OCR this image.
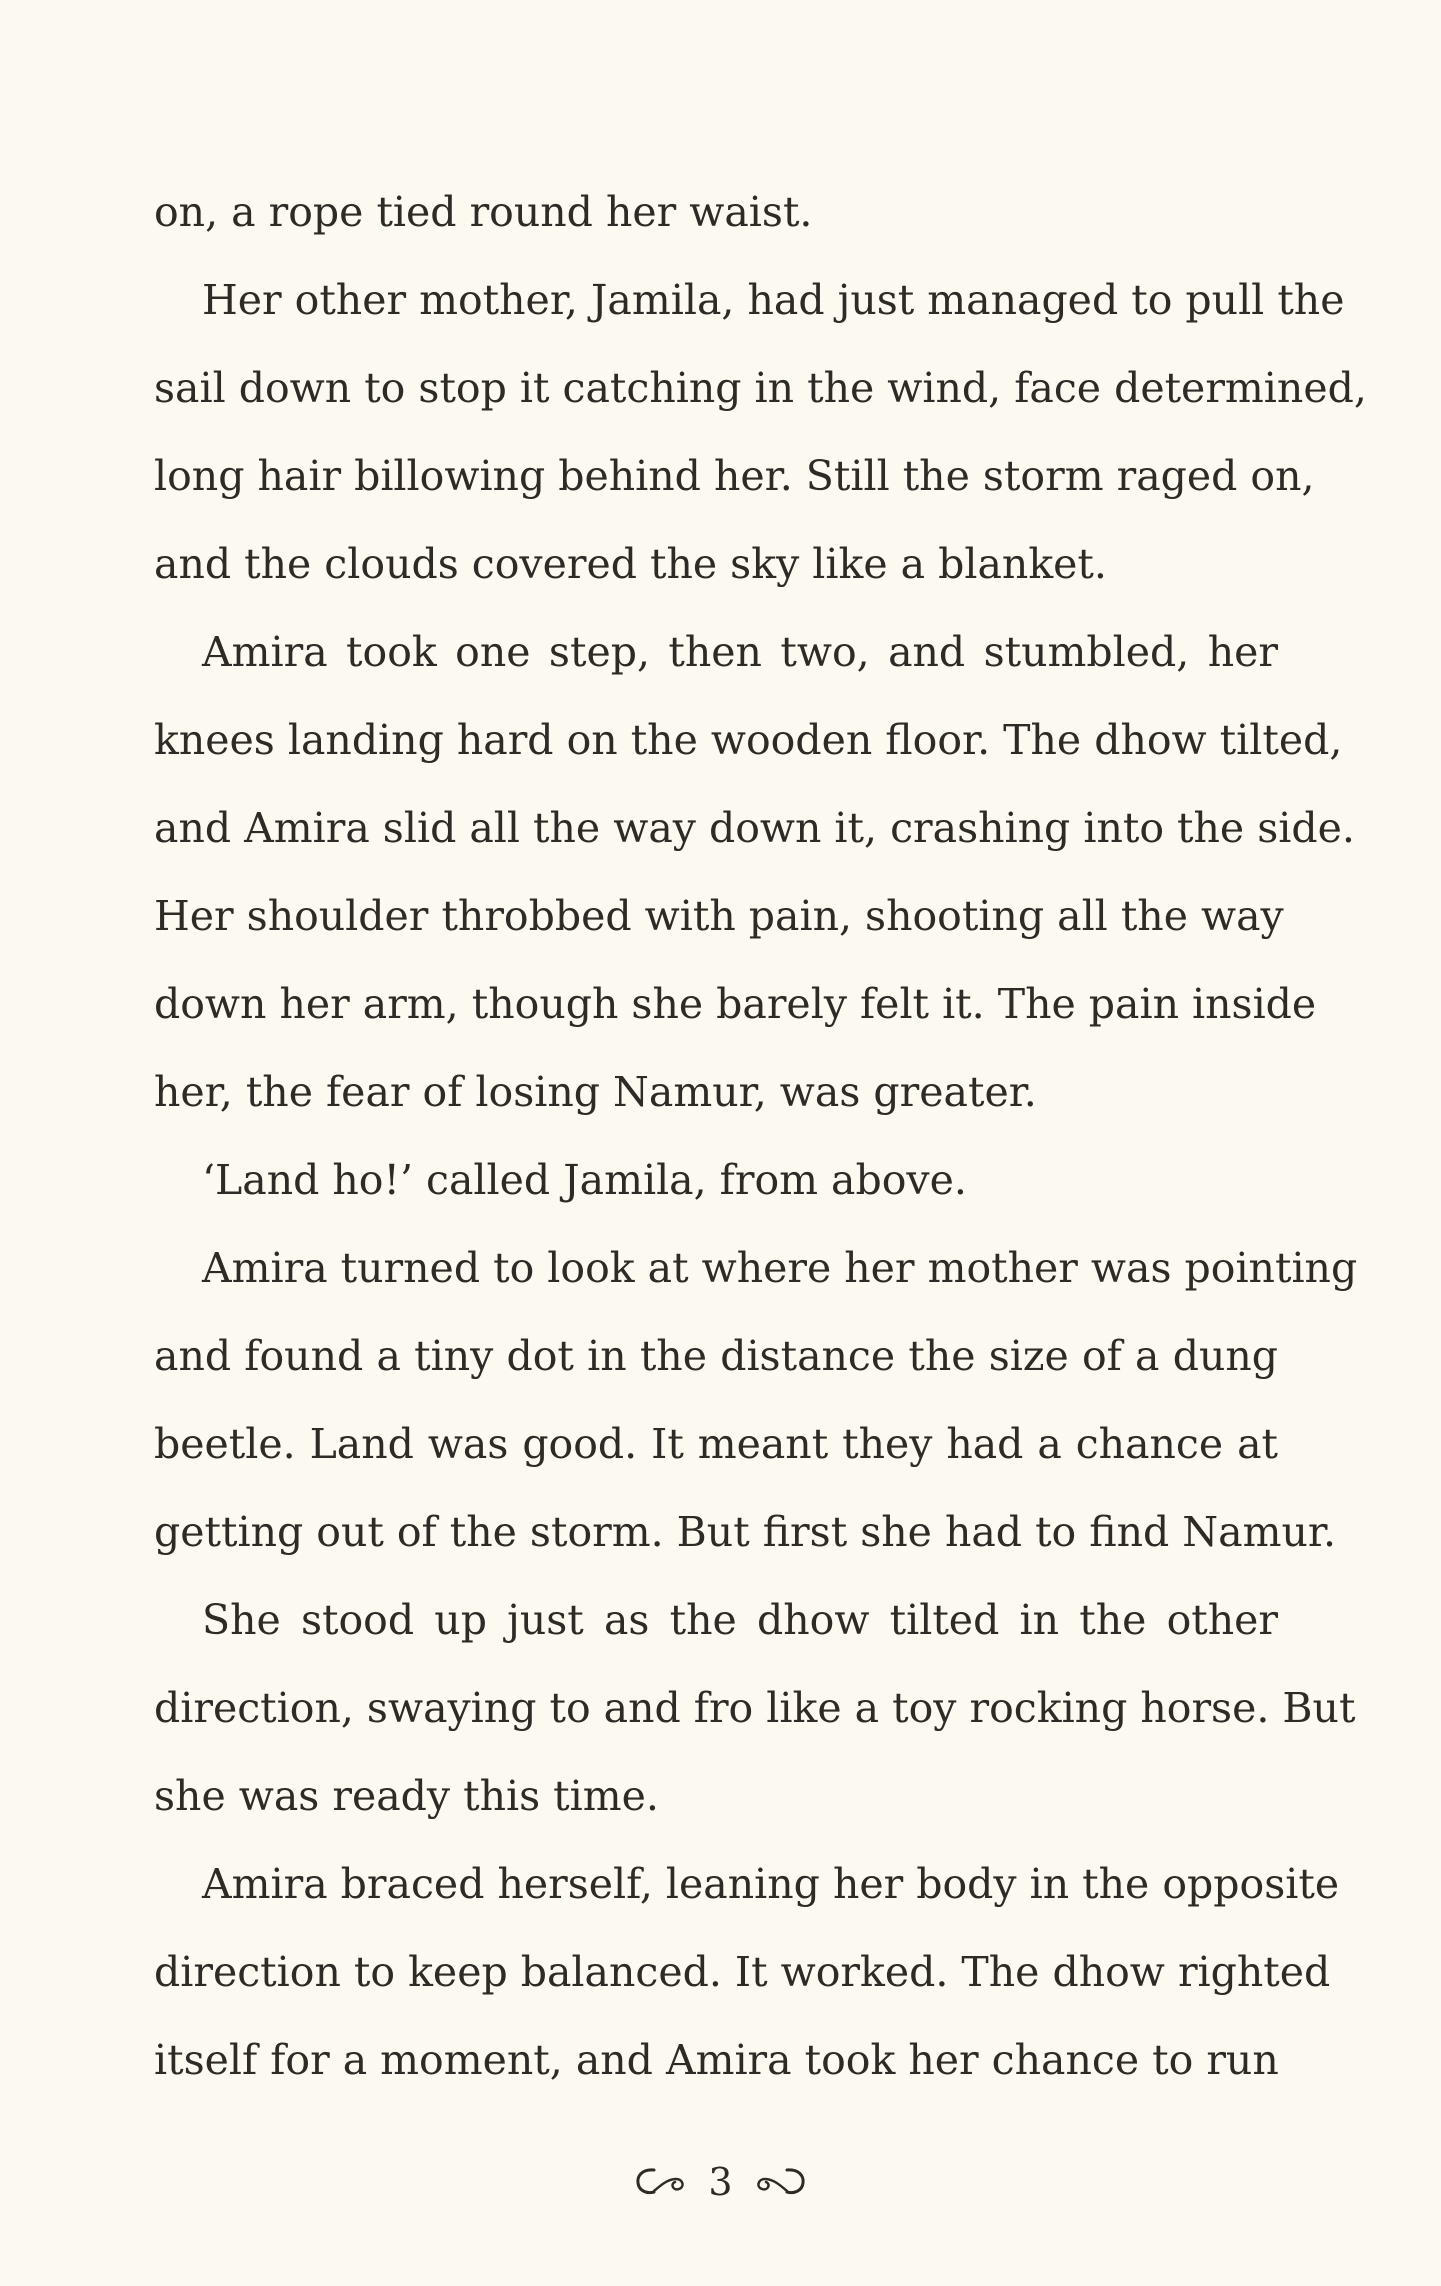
on, a rope tied round her waist.
Her other mother, Jamila, had just managed to pull the
sail down to stop it catching in the wind, face determined,
long hair billowing behind her. Still the storm raged on,
and the clouds covered the sky like a blanket.
Amira took one step, then two, and stumbled, her
knees landing hard on the wooden floor. The dhow tilted,
and Amira slid all the way down it, crashing into the side.
Her shoulder throbbed with pain, shooting all the way
down her arm, though she barely felt it. The pain inside
her, the fear of losing Namur, was greater.
‘Land ho!’ called Jamila, from above.
Amira turned to look at where her mother was pointing
and found a tiny dot in the distance the size of a dung
beetle. Land was good. It meant they had a chance at
getting out of the storm. But first she had to find Namur.
She stood up just as the dhow tilted in the other
direction, swaying to and fro like a toy rocking horse. But
she was ready this time.
Amira braced herself, leaning her body in the opposite
direction to keep balanced. It worked. The dhow righted
itself for a moment, and Amira took her chance to run
3
